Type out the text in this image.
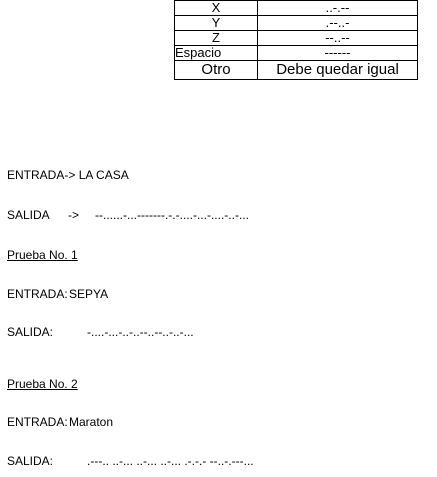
X	..-.--
Y	.--..-
Z	--..--
Espacio	------
Otro	Debe quedar igual
ENTRADA-> LA CASA
SALIDA -> --......-...-------.-.-....-...-....-..-...
Prueba No. 1
ENTRADA:SEPYA
SALIDA:	-....-...-..-..--..--..-..-...
Prueba No. 2
ENTRADA:Maraton
SALIDA:	.---.. ..-... ..-... ..-... .-.-.- --..-.---...
